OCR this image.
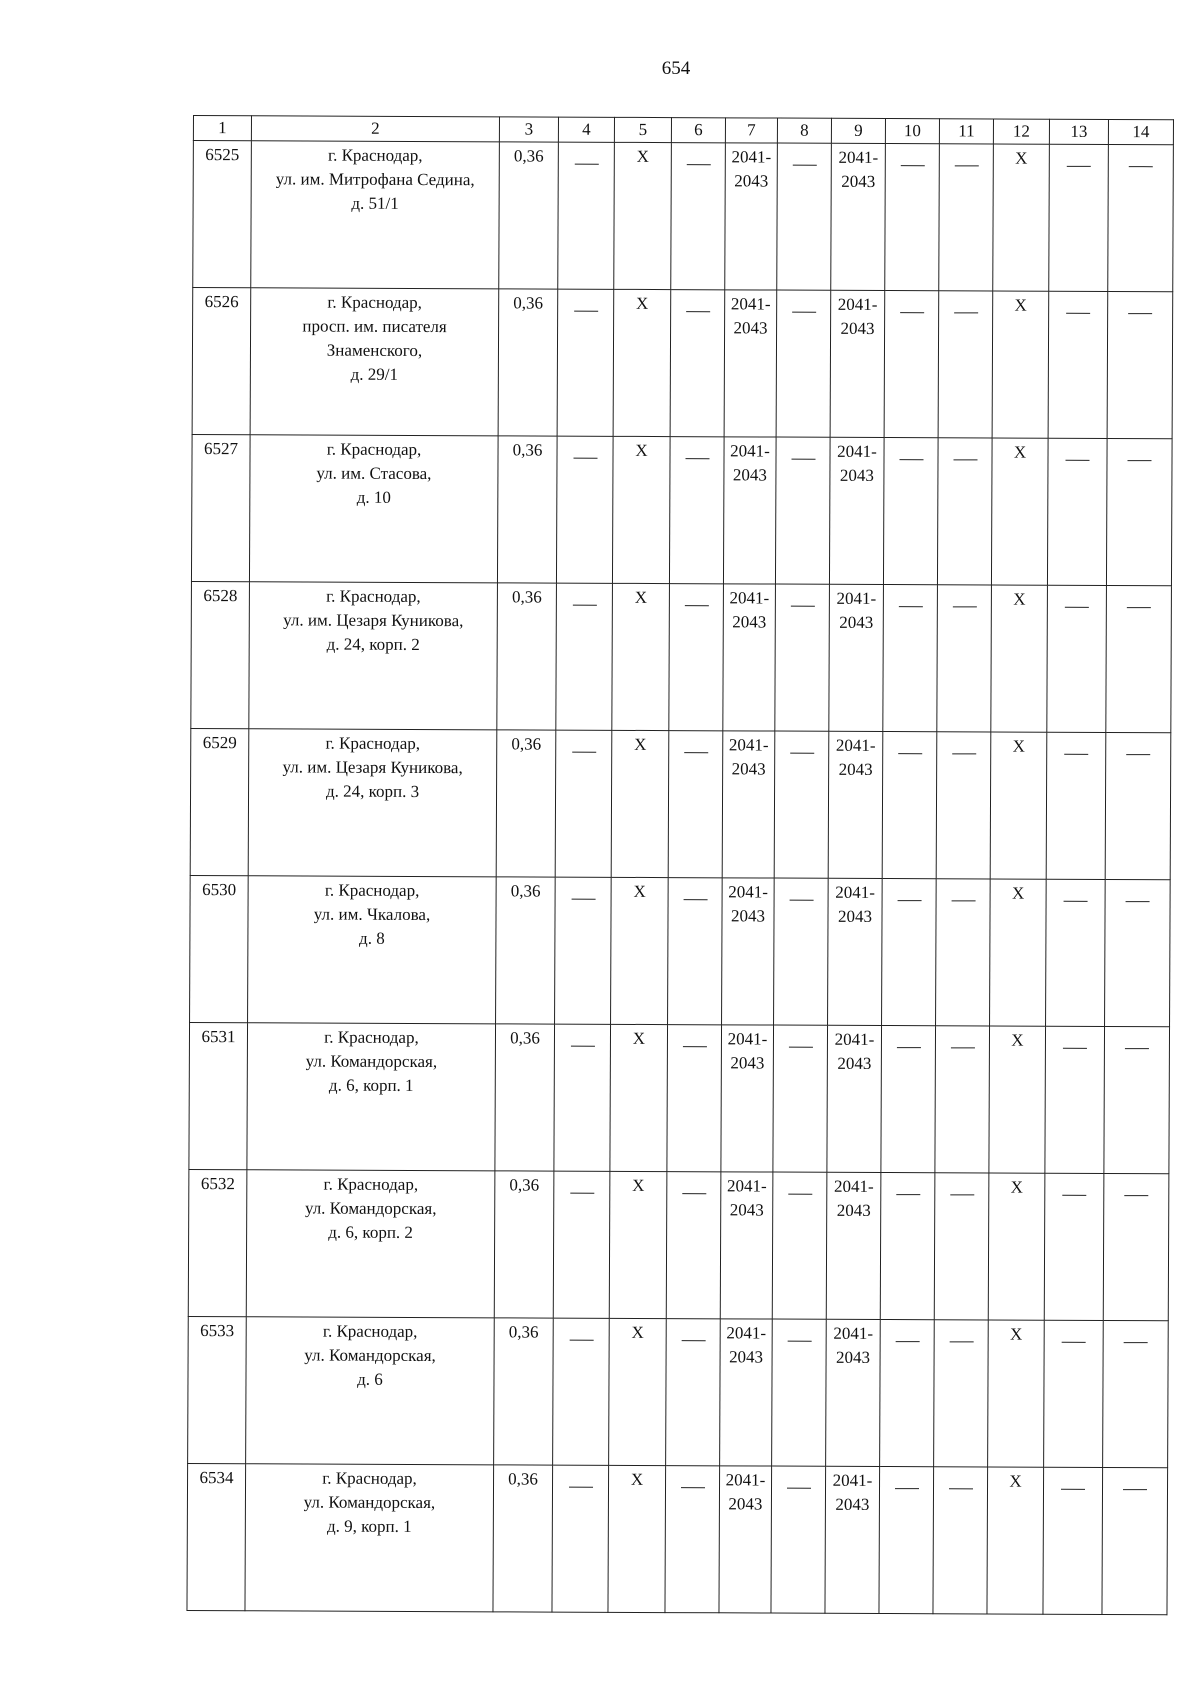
654
1	2	3	4	5	6	7	8	9	10	11	12	13	14
6525	г. Краснодар,
ул. им. Митрофана Седина,
д. 51/1	0,36		Х		2041-
2043		2041-
2043			Х		
6526	г. Краснодар,
просп. им. писателя
Знаменского,
д. 29/1	0,36		Х		2041-
2043		2041-
2043			Х		
6527	г. Краснодар,
ул. им. Стасова,
д. 10	0,36		Х		2041-
2043		2041-
2043			Х		
6528	г. Краснодар,
ул. им. Цезаря Куникова,
д. 24, корп. 2	0,36		Х		2041-
2043		2041-
2043			Х		
6529	г. Краснодар,
ул. им. Цезаря Куникова,
д. 24, корп. 3	0,36		Х		2041-
2043		2041-
2043			Х		
6530	г. Краснодар,
ул. им. Чкалова,
д. 8	0,36		Х		2041-
2043		2041-
2043			Х		
6531	г. Краснодар,
ул. Командорская,
д. 6, корп. 1	0,36		Х		2041-
2043		2041-
2043			Х		
6532	г. Краснодар,
ул. Командорская,
д. 6, корп. 2	0,36		Х		2041-
2043		2041-
2043			Х		
6533	г. Краснодар,
ул. Командорская,
д. 6	0,36		Х		2041-
2043		2041-
2043			Х		
6534	г. Краснодар,
ул. Командорская,
д. 9, корп. 1	0,36		Х		2041-
2043		2041-
2043			Х		
